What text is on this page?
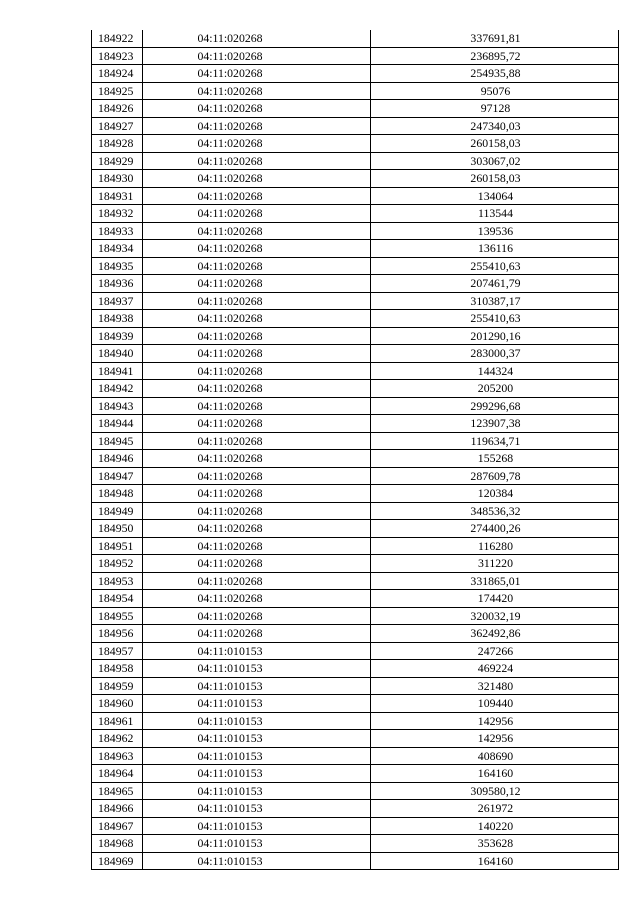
184922	04:11:020268	337691,81
184923	04:11:020268	236895,72
184924	04:11:020268	254935,88
184925	04:11:020268	95076
184926	04:11:020268	97128
184927	04:11:020268	247340,03
184928	04:11:020268	260158,03
184929	04:11:020268	303067,02
184930	04:11:020268	260158,03
184931	04:11:020268	134064
184932	04:11:020268	113544
184933	04:11:020268	139536
184934	04:11:020268	136116
184935	04:11:020268	255410,63
184936	04:11:020268	207461,79
184937	04:11:020268	310387,17
184938	04:11:020268	255410,63
184939	04:11:020268	201290,16
184940	04:11:020268	283000,37
184941	04:11:020268	144324
184942	04:11:020268	205200
184943	04:11:020268	299296,68
184944	04:11:020268	123907,38
184945	04:11:020268	119634,71
184946	04:11:020268	155268
184947	04:11:020268	287609,78
184948	04:11:020268	120384
184949	04:11:020268	348536,32
184950	04:11:020268	274400,26
184951	04:11:020268	116280
184952	04:11:020268	311220
184953	04:11:020268	331865,01
184954	04:11:020268	174420
184955	04:11:020268	320032,19
184956	04:11:020268	362492,86
184957	04:11:010153	247266
184958	04:11:010153	469224
184959	04:11:010153	321480
184960	04:11:010153	109440
184961	04:11:010153	142956
184962	04:11:010153	142956
184963	04:11:010153	408690
184964	04:11:010153	164160
184965	04:11:010153	309580,12
184966	04:11:010153	261972
184967	04:11:010153	140220
184968	04:11:010153	353628
184969	04:11:010153	164160
